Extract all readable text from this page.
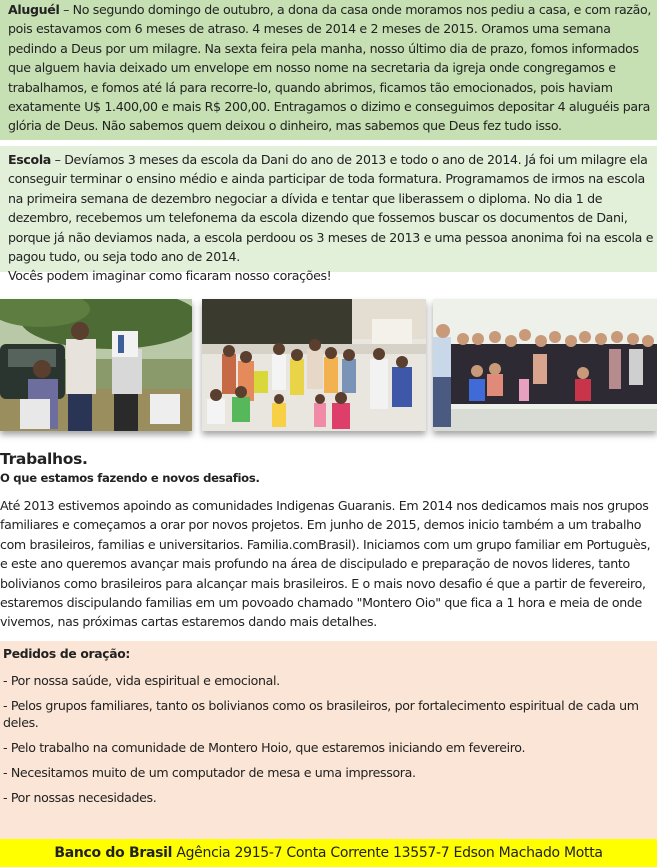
Aluguél – No segundo domingo de outubro, a dona da casa onde moramos nos pediu a casa, e com razão, pois estavamos com 6 meses de atraso. 4 meses de 2014 e 2 meses de 2015. Oramos uma semana pedindo a Deus por um milagre. Na sexta feira pela manha, nosso último dia de prazo, fomos informados que alguem havia deixado um envelope em nosso nome na secretaria da igreja onde congregamos e trabalhamos, e fomos até lá para recorre-lo, quando abrimos, ficamos tão emocionados, pois haviam exatamente U$ 1.400,00 e mais R$ 200,00. Entragamos o dizimo e conseguimos depositar 4 aluguéis para glória de Deus. Não sabemos quem deixou o dinheiro, mas sabemos que Deus fez tudo isso.
Escola – Devíamos 3 meses da escola da Dani do ano de 2013 e todo o ano de 2014. Já foi um milagre ela conseguir terminar o ensino médio e ainda participar de toda formatura. Programamos de irmos na escola na primeira semana de dezembro negociar a dívida e tentar que liberassem o diploma. No dia 1 de dezembro, recebemos um telefonema da escola dizendo que fossemos buscar os documentos de Dani, porque já não deviamos nada, a escola perdoou os 3 meses de 2013 e uma pessoa anonima foi na escola e pagou tudo, ou seja todo ano de 2014.
Vocês podem imaginar como ficaram nosso corações!
Trabalhos.
O que estamos fazendo e novos desafios.
Até 2013 estivemos apoindo as comunidades Indigenas Guaranis. Em 2014 nos dedicamos mais nos grupos familiares e começamos a orar por novos projetos. Em junho de 2015, demos inicio também a um trabalho com brasileiros, familias e universitarios. Familia.comBrasil). Iniciamos com um grupo familiar em Portuguès, e este ano queremos avançar mais profundo na área de discipulado e preparação de novos lideres, tanto bolivianos como brasileiros para alcançar mais brasileiros. E o mais novo desafio é que a partir de fevereiro, estaremos discipulando familias em um povoado chamado "Montero Oio" que fica a 1 hora e meia de onde vivemos, nas próximas cartas estaremos dando mais detalhes.
Pedidos de oração:
- Por nossa saúde, vida espiritual e emocional.
- Pelos grupos familiares, tanto os bolivianos como os brasileiros, por fortalecimento espiritual de cada um deles.
- Pelo trabalho na comunidade de Montero Hoio, que estaremos iniciando em fevereiro.
- Necesitamos muito de um computador de mesa e uma impressora.
- Por nossas necesidades.
Banco do Brasil Agência 2915-7 Conta Corrente 13557-7 Edson Machado Motta
